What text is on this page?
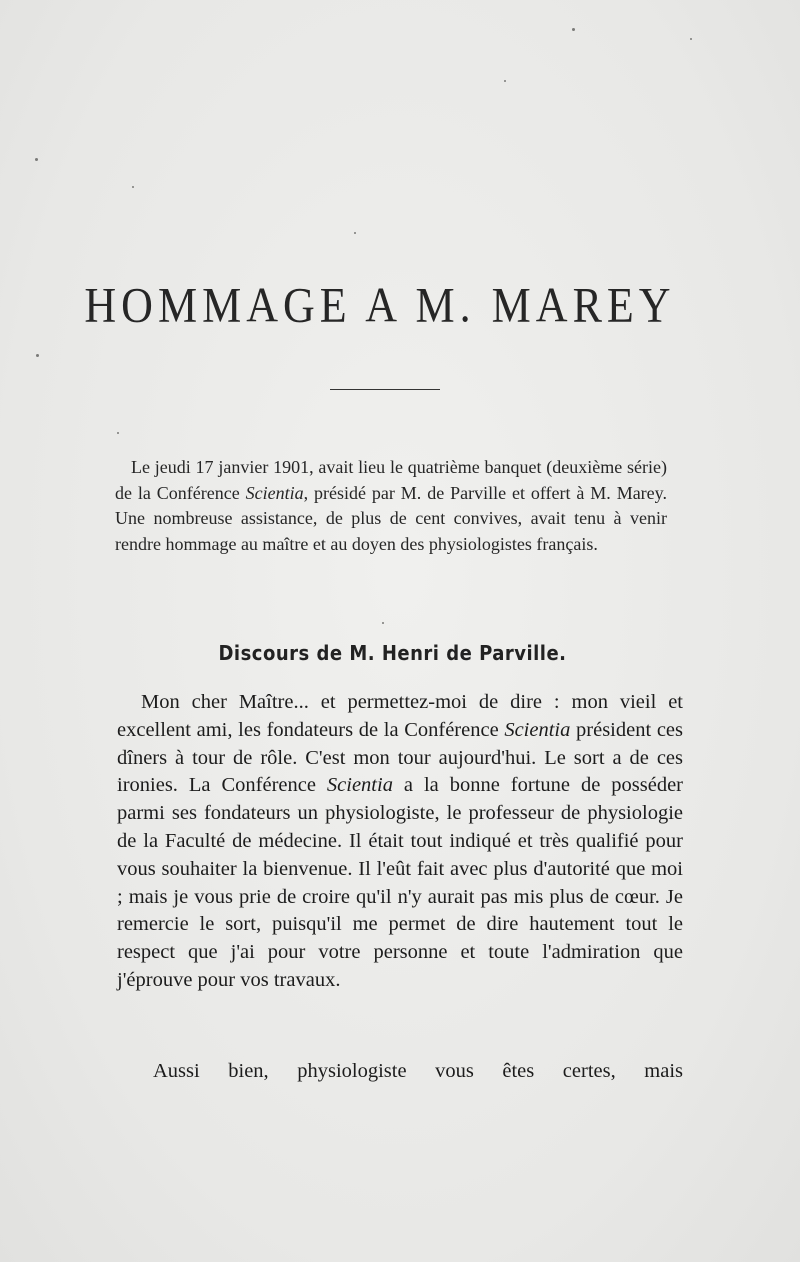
HOMMAGE A M. MAREY

Le jeudi 17 janvier 1901, avait lieu le quatrième banquet (deuxième série) de la Conférence Scientia, présidé par M. de Parville et offert à M. Marey. Une nombreuse assistance, de plus de cent convives, avait tenu à venir rendre hommage au maître et au doyen des physiologistes français.

Discours de M. Henri de Parville.

Mon cher Maître... et permettez-moi de dire : mon vieil et excellent ami, les fondateurs de la Conférence Scientia président ces dîners à tour de rôle. C'est mon tour aujourd'hui. Le sort a de ces ironies. La Conférence Scientia a la bonne fortune de posséder parmi ses fondateurs un physiologiste, le professeur de physiologie de la Faculté de médecine. Il était tout indiqué et très qualifié pour vous souhaiter la bienvenue. Il l'eût fait avec plus d'autorité que moi ; mais je vous prie de croire qu'il n'y aurait pas mis plus de cœur. Je remercie le sort, puisqu'il me permet de dire hautement tout le respect que j'ai pour votre personne et toute l'admiration que j'éprouve pour vos travaux.

Aussi bien, physiologiste vous êtes certes, mais
